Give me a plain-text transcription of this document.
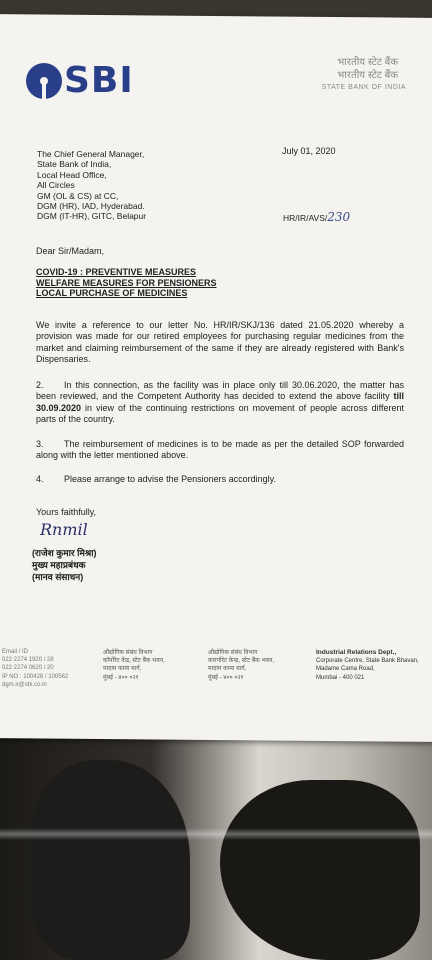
SBI	भारतीय स्टेट बैंक
भारतीय स्टेट बैंक
STATE BANK OF INDIA
The Chief General Manager,
State Bank of India,
Local Head Office,
All Circles
GM (OL & CS) at CC,
DGM (HR), IAD, Hyderabad.
DGM (IT-HR), GITC, Belapur
July 01, 2020
HR/IR/AVS/230
Dear Sir/Madam,
COVID-19 : PREVENTIVE MEASURES
WELFARE MEASURES FOR PENSIONERS
LOCAL PURCHASE OF MEDICINES
We invite a reference to our letter No. HR/IR/SKJ/136 dated 21.05.2020 whereby a provision was made for our retired employees for purchasing regular medicines from the market and claiming reimbursement of the same if they are already registered with Bank's Dispensaries.
2. In this connection, as the facility was in place only till 30.06.2020, the matter has been reviewed, and the Competent Authority has decided to extend the above facility till 30.09.2020 in view of the continuing restrictions on movement of people across different parts of the country.
3. The reimbursement of medicines is to be made as per the detailed SOP forwarded along with the letter mentioned above.
4. Please arrange to advise the Pensioners accordingly.
Yours faithfully,
Rnmil
(राजेश कुमार मिश्रा)
मुख्य महाप्रबंधक
(मानव संसाधन)
Email / ID
022 2274 1920 / 28
022 2274 0620 / 20
IP NO : 100428 / 100562
dgm.ir@sbi.co.in
औद्योगिक संबंध विभाग
कॉर्पोरेट केंद्र, स्टेट बैंक भवन,
मादाम कामा मार्ग,
मुंबई - ४०० ०२१
औद्योगिक संबंध विभाग
कारपोरेट केन्द्र, स्टेट बैंक भवन,
मादाम कामा मार्ग,
मुंबई - ४०० ०२१
Industrial Relations Dept.,
Corporate Centre, State Bank Bhavan,
Madame Cama Road,
Mumbai - 400 021
